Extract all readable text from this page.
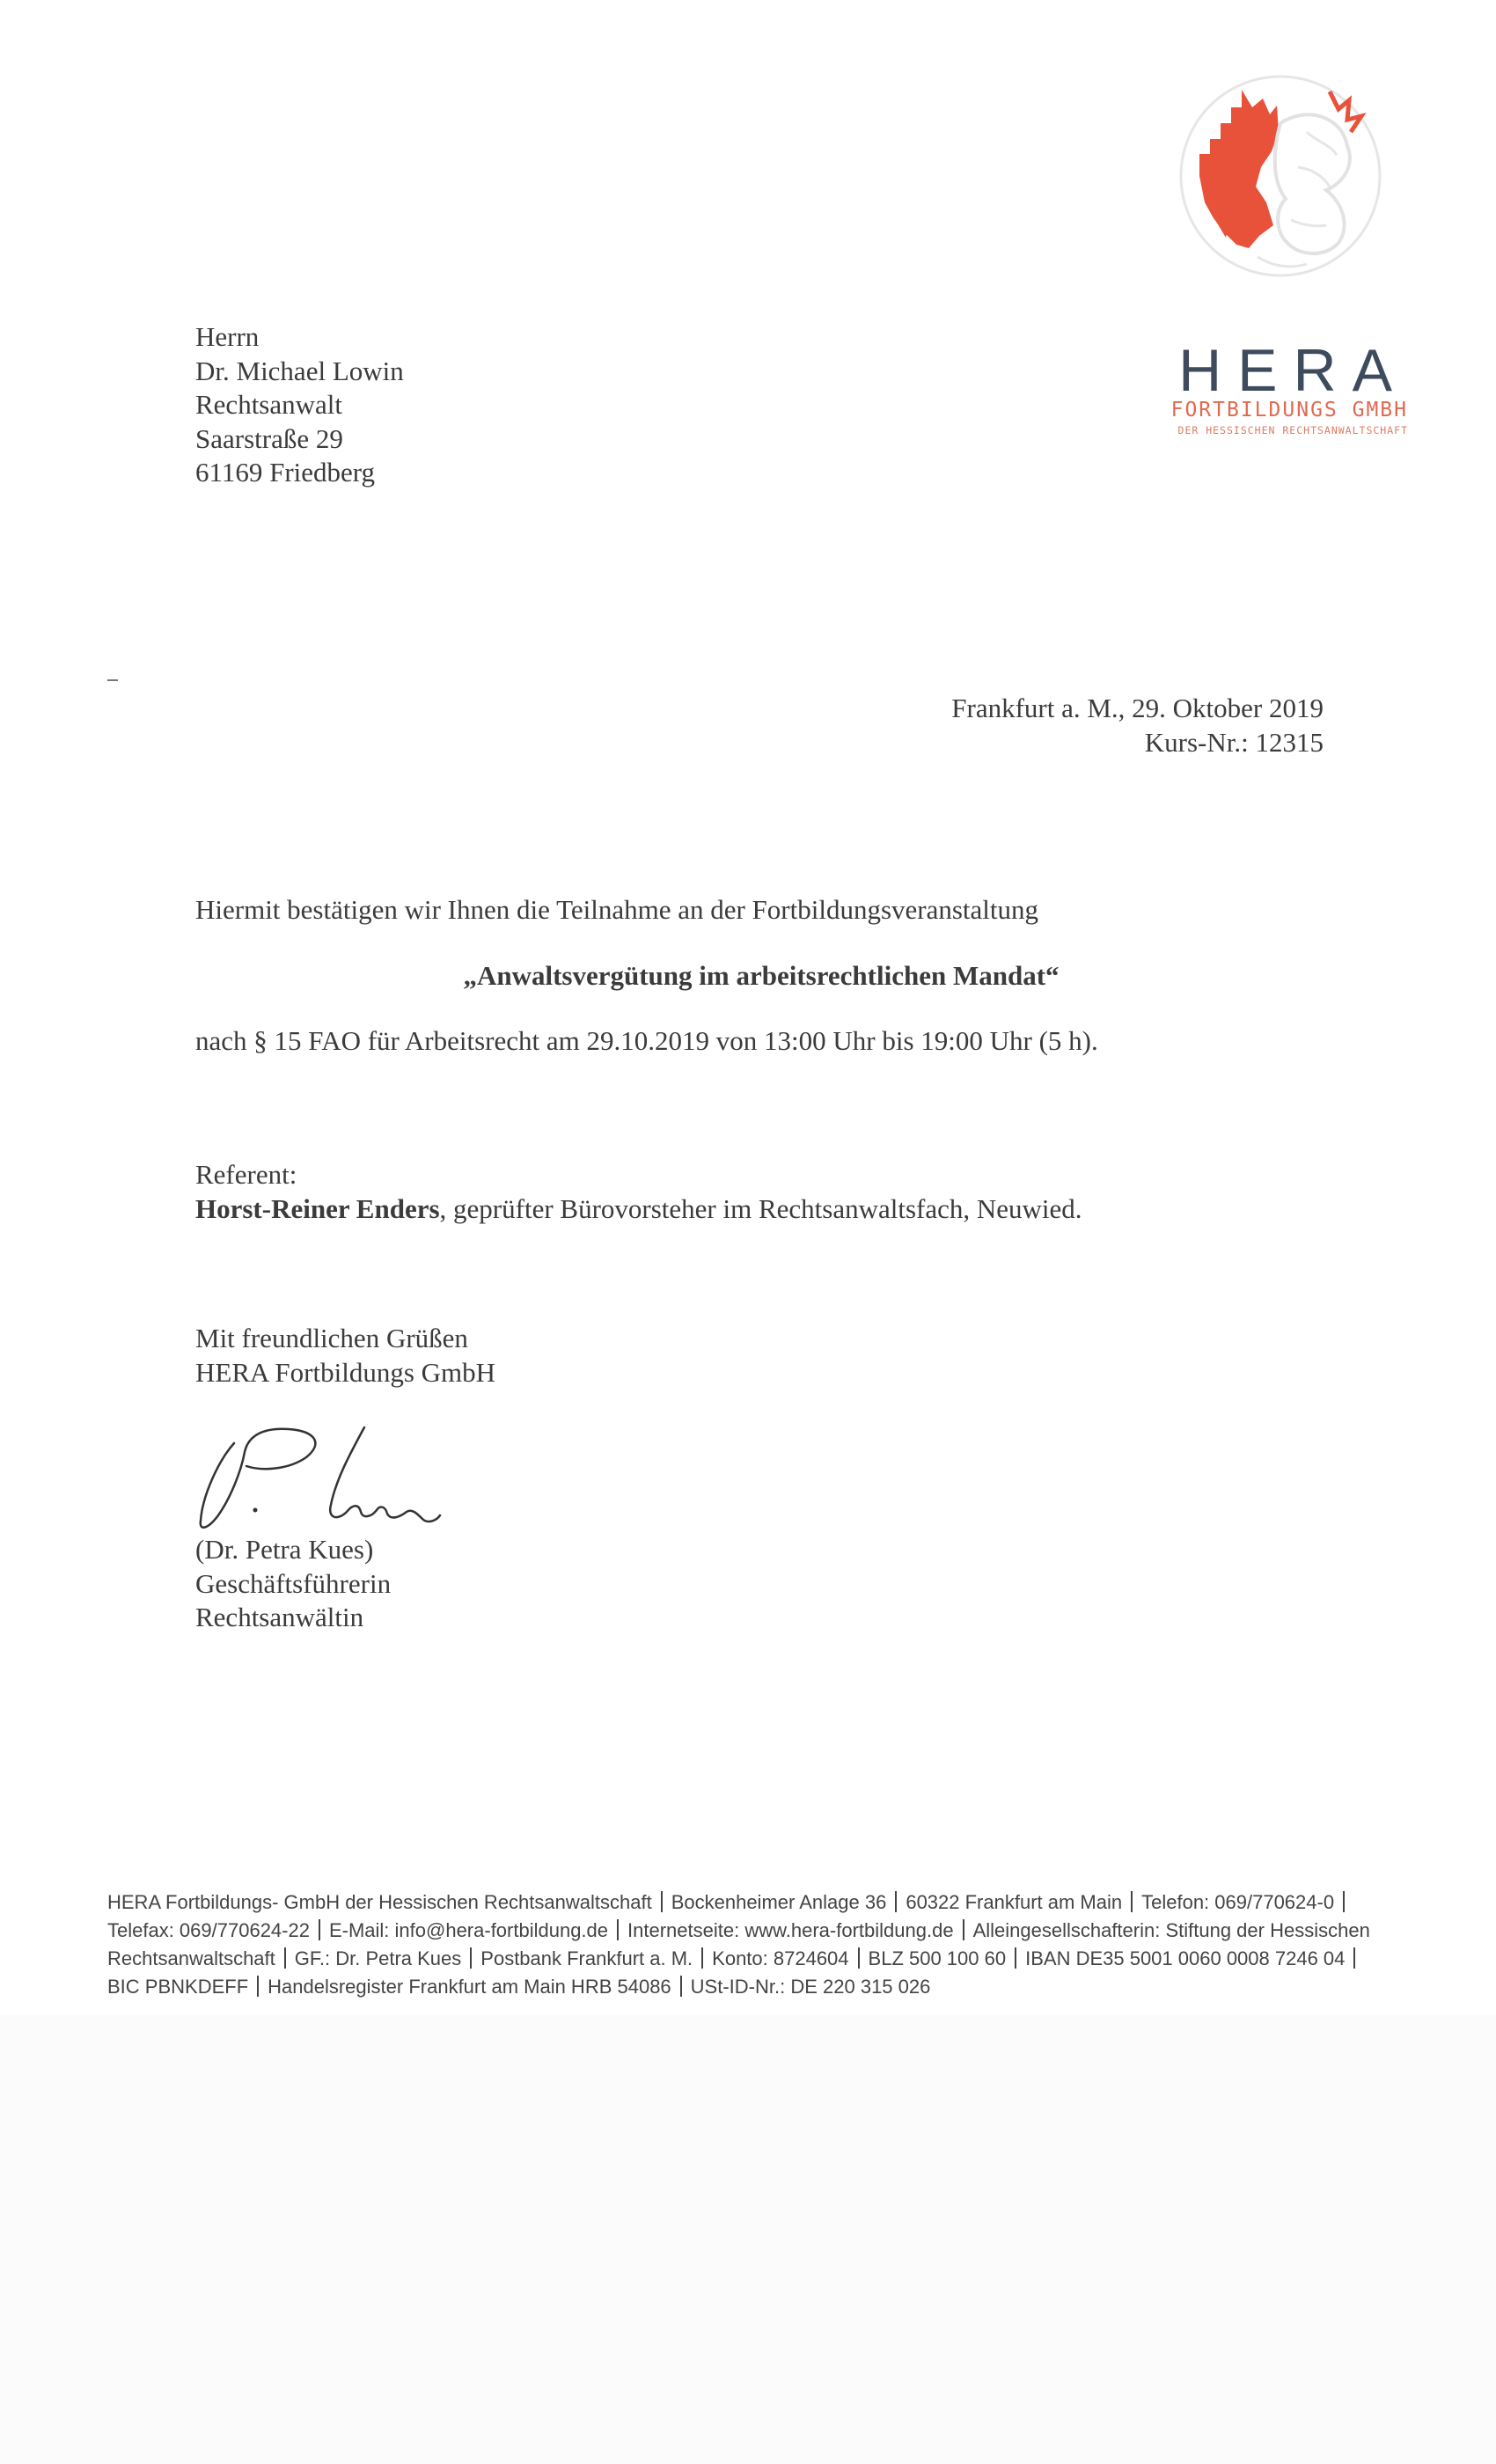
HERA
FORTBILDUNGS GMBH
DER HESSISCHEN RECHTSANWALTSCHAFT
Herrn
Dr. Michael Lowin
Rechtsanwalt
Saarstraße 29
61169 Friedberg
Frankfurt a. M., 29. Oktober 2019
Kurs-Nr.: 12315
Hiermit bestätigen wir Ihnen die Teilnahme an der Fortbildungsveranstaltung
„Anwaltsvergütung im arbeitsrechtlichen Mandat“
nach § 15 FAO für Arbeitsrecht am 29.10.2019 von 13:00 Uhr bis 19:00 Uhr (5 h).
Referent:
Horst-Reiner Enders, geprüfter Bürovorsteher im Rechtsanwaltsfach, Neuwied.
Mit freundlichen Grüßen
HERA Fortbildungs GmbH
(Dr. Petra Kues)
Geschäftsführerin
Rechtsanwältin
HERA Fortbildungs- GmbH der Hessischen Rechtsanwaltschaft Bockenheimer Anlage 36 60322 Frankfurt am Main Telefon: 069/770624-0Telefax: 069/770624-22 E-Mail: info@hera-fortbildung.de Internetseite: www.hera-fortbildung.de Alleingesellschafterin: Stiftung der Hessischen Rechtsanwaltschaft GF.: Dr. Petra Kues Postbank Frankfurt a. M. Konto: 8724604 BLZ 500 100 60 IBAN DE35 5001 0060 0008 7246 04BIC PBNKDEFF Handelsregister Frankfurt am Main HRB 54086 USt-ID-Nr.: DE 220 315 026
